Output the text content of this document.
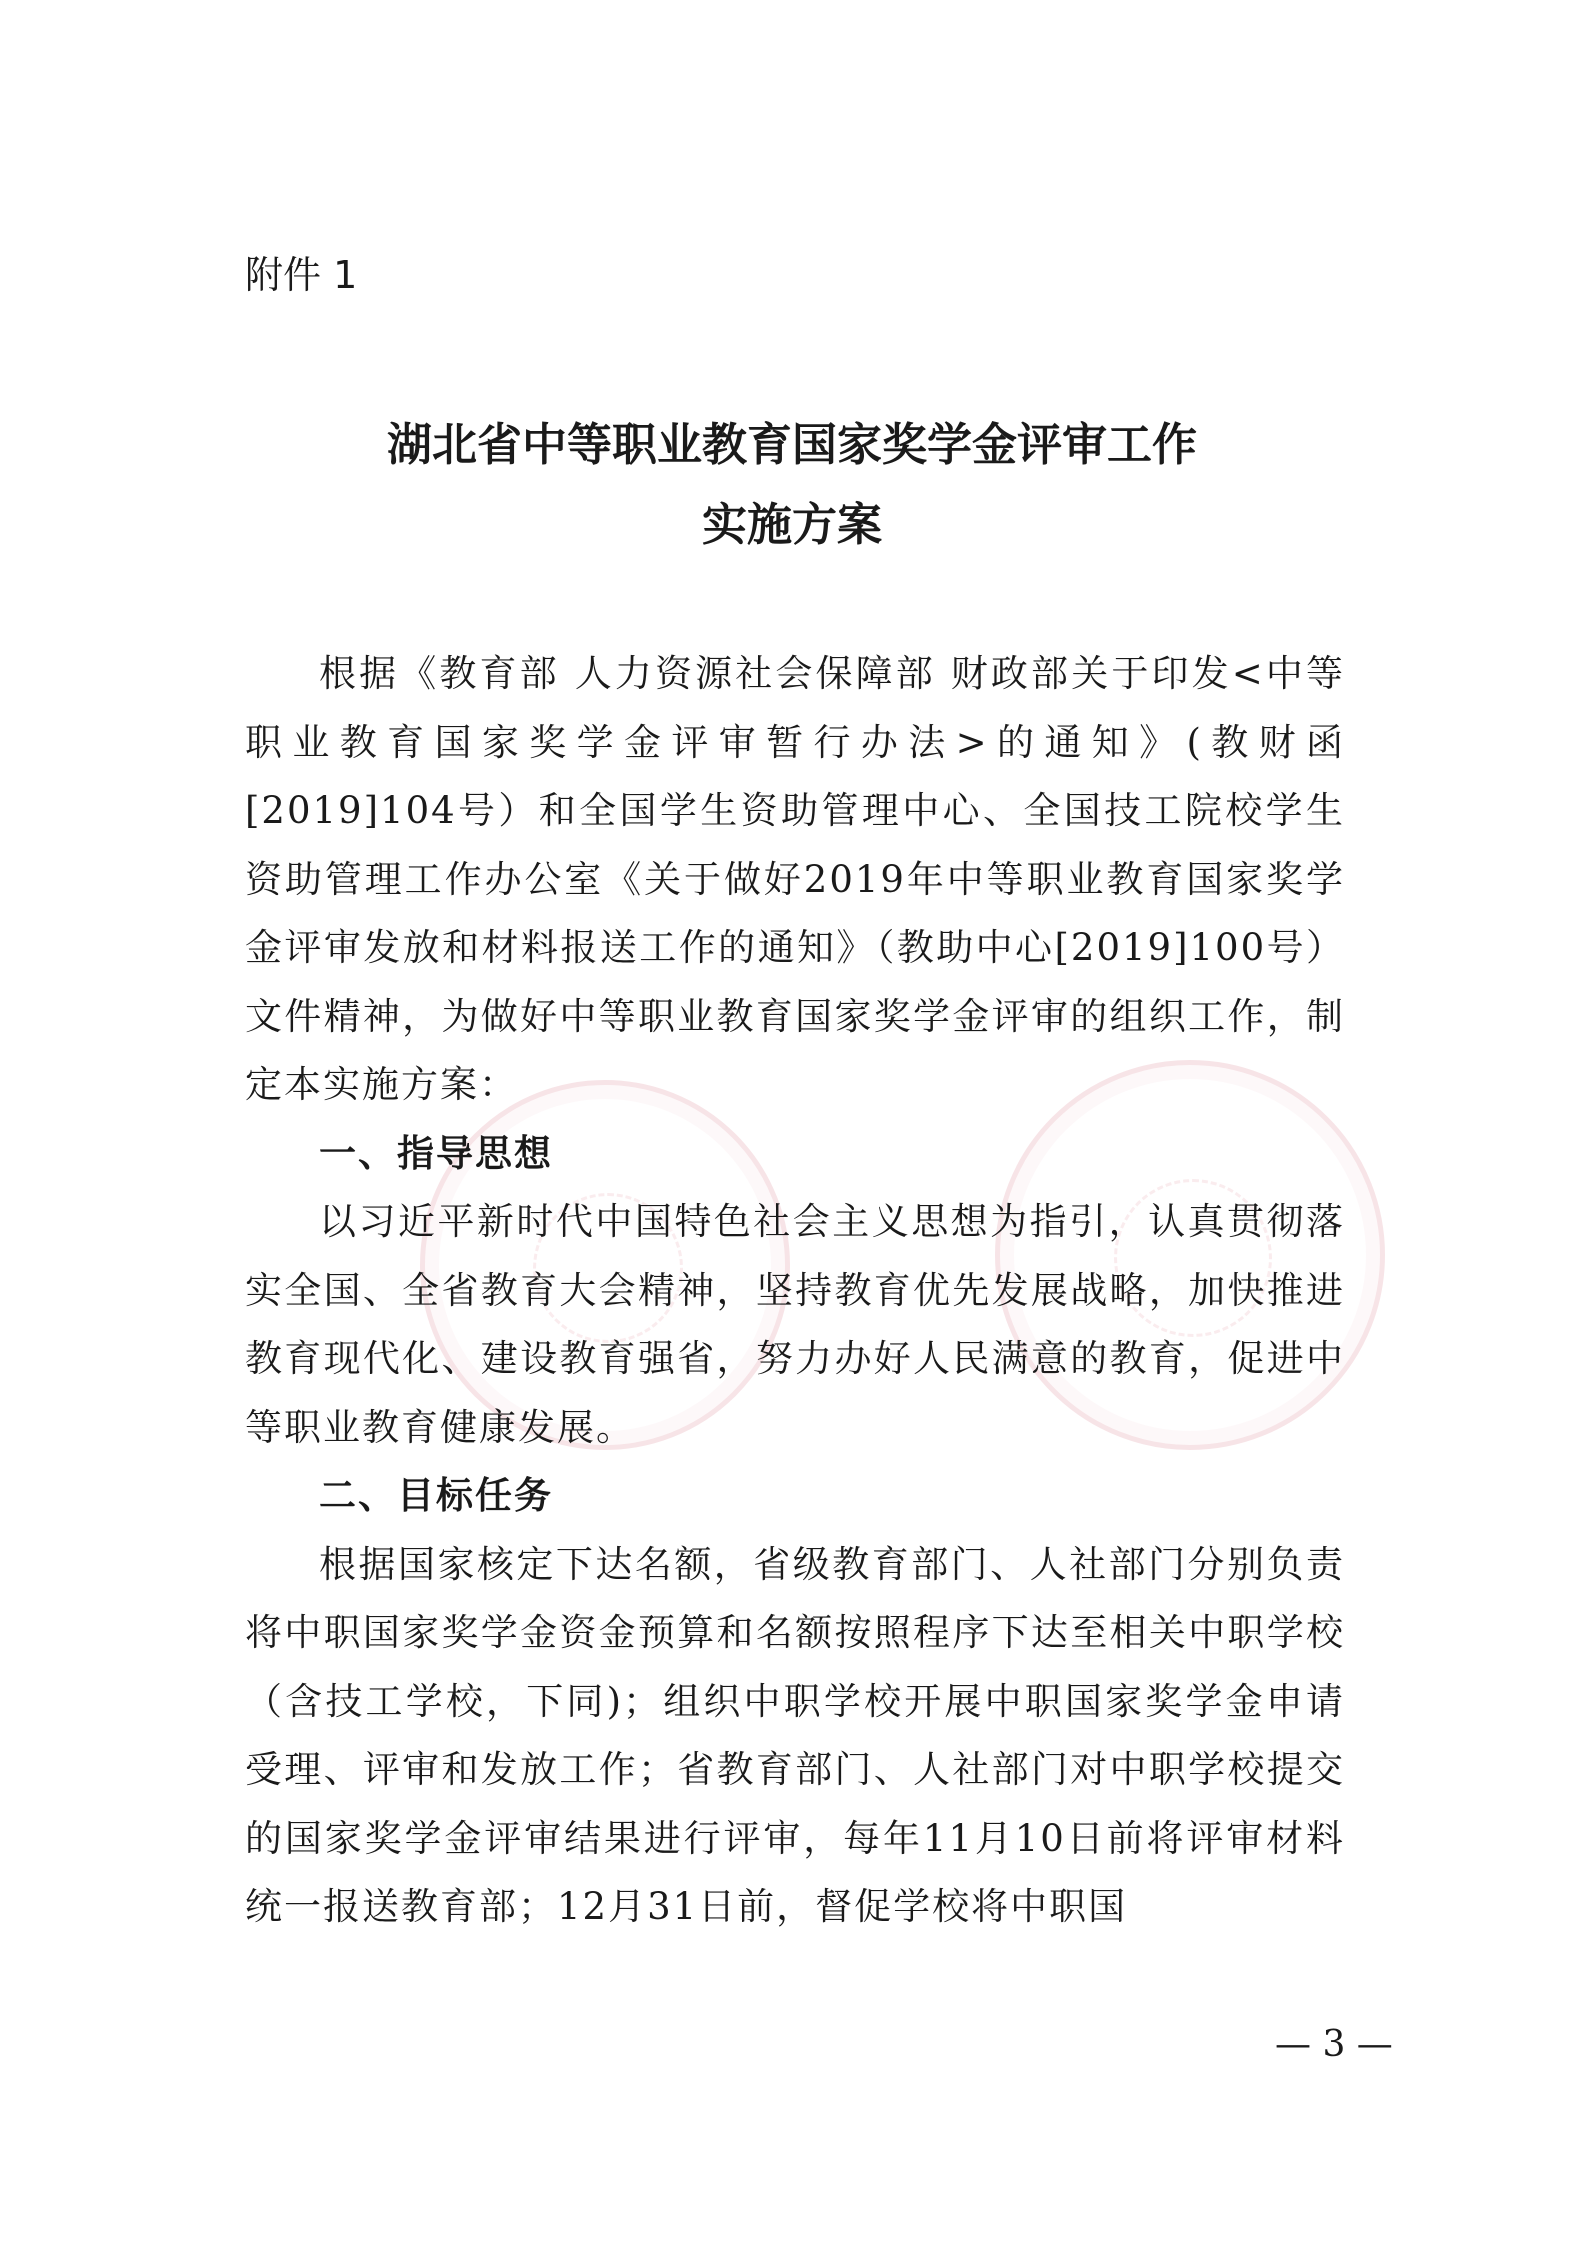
附件 1
湖北省中等职业教育国家奖学金评审工作
实施方案

根据《教育部 人力资源社会保障部 财政部关于印发<中等职业教育国家奖学金评审暂行办法>的通知》(教财函[2019]104号）和全国学生资助管理中心、全国技工院校学生资助管理工作办公室《关于做好2019年中等职业教育国家奖学金评审发放和材料报送工作的通知》（教助中心[2019]100号）文件精神，为做好中等职业教育国家奖学金评审的组织工作，制定本实施方案：

一、指导思想

以习近平新时代中国特色社会主义思想为指引，认真贯彻落实全国、全省教育大会精神，坚持教育优先发展战略，加快推进教育现代化、建设教育强省，努力办好人民满意的教育，促进中等职业教育健康发展。

二、目标任务

根据国家核定下达名额，省级教育部门、人社部门分别负责将中职国家奖学金资金预算和名额按照程序下达至相关中职学校（含技工学校，下同)；组织中职学校开展中职国家奖学金申请受理、评审和发放工作；省教育部门、人社部门对中职学校提交的国家奖学金评审结果进行评审，每年11月10日前将评审材料统一报送教育部；12月31日前，督促学校将中职国

— 3 —
